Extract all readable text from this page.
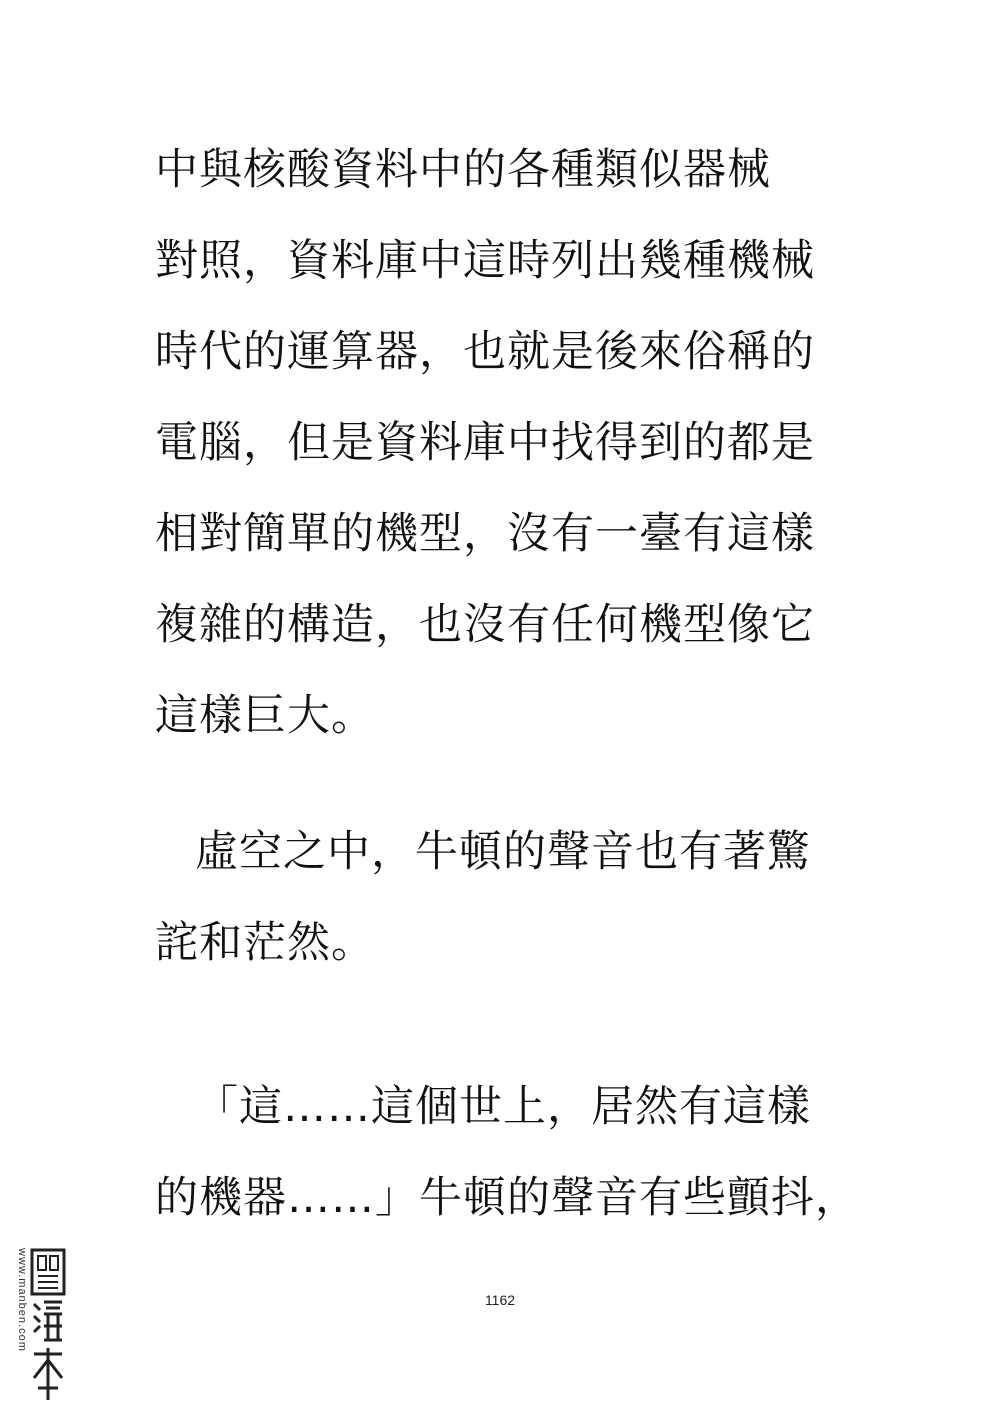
中與核酸資料中的各種類似器械
對照，資料庫中這時列出幾種機械
時代的運算器，也就是後來俗稱的
電腦，但是資料庫中找得到的都是
相對簡單的機型，沒有一臺有這樣
複雜的構造，也沒有任何機型像它
這樣巨大。
虛空之中，牛頓的聲音也有著驚
詫和茫然。
「這……這個世上，居然有這樣
的機器……」牛頓的聲音有些顫抖，
1162
www.manben.com
